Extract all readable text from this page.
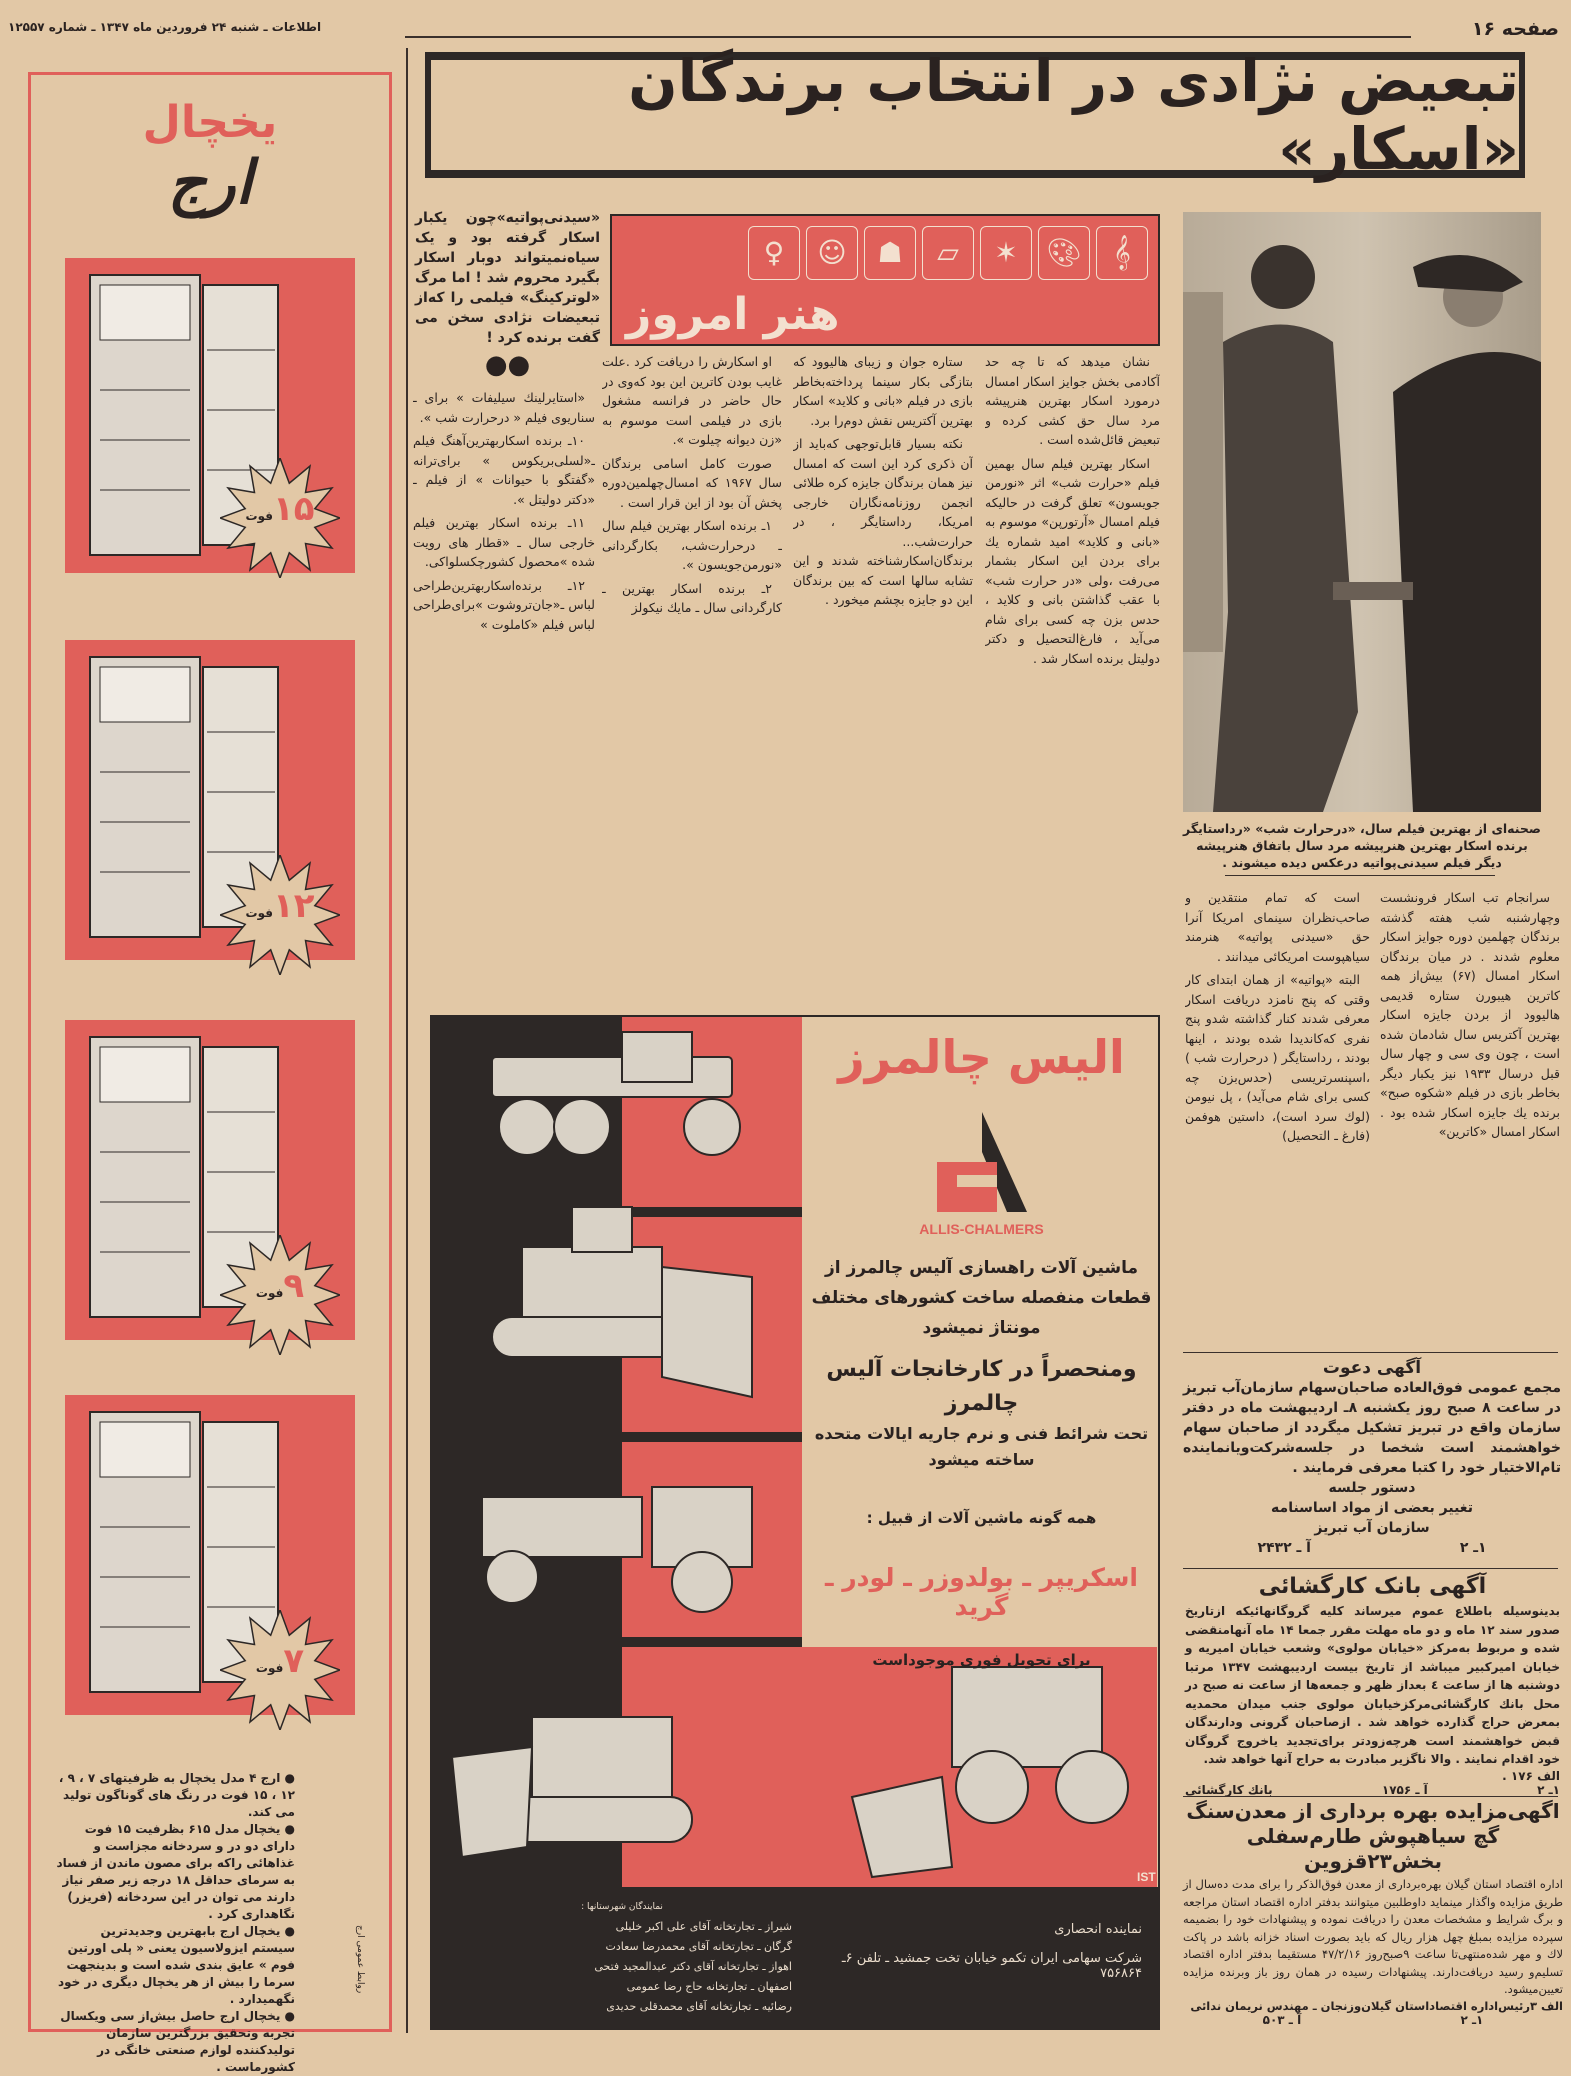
صفحه ۱۶
اطلاعات ـ شنبه ۲۴ فروردین ماه ۱۳۴۷ ـ شماره ۱۲۵۵۷
تبعیض نژادی در انتخاب برندگان «اسکار»
صحنه‌ای از بهترین فیلم سال، «درحرارت شب» «رداستایگر برنده اسکار بهترین هنرپیشه مرد سال باتفاق هنرپیشه دیگر فیلم سیدنی‌پواتیه درعکس دیده میشوند .
𝄞
🎨︎
✶
▱
☗
☺
♀
هنر امروز
«سیدنی‌پواتیه»چون یکبار اسکار گرفته بود و یک سیاه‌نمیتواند دوبار اسکار بگیرد محروم شد ! اما مرگ «لوترکینگ» فیلمی را که‌از تبعیضات نژادی سخن می گفت برنده کرد !
●●	نشان میدهد که تا چه حد آکادمی بخش جوایز اسکار امسال درمورد اسکار بهترین هنرپیشه مرد سال حق کشی کرده و تبعیض قائل‌شده است .

اسکار بهترین فیلم سال بهمین فیلم «حرارت شب» اثر «نورمن جویسون» تعلق گرفت در حالیکه فیلم امسال «آرتورپن» موسوم به «بانی و کلاید» امید شماره یك برای بردن این اسکار بشمار می‌رفت ،ولی «در حرارت شب» با عقب گذاشتن بانی و کلاید ، حدس بزن چه کسی برای شام می‌آید ، فارغ‌التحصیل‌ و دکتر دولیتل برنده اسکار شد .

ستاره جوان و زیبای هالیوود که بتازگی بکار سینما پرداخته‌بخاطر بازی در فیلم «بانی و کلاید» اسکار بهترین آکتریس نقش دوم‌را برد.

نکته بسیار قابل‌توجهی که‌باید از آن ذکری کرد این است که امسال نیز همان برندگان جایزه کره طلائی انجمن روزنامه‌نگاران خارجی امریکا، رداستایگر ، در حرارت‌شب... برندگان‌اسکارشناخته شدند و این تشابه سالها است که بین برندگان این دو جایزه بچشم میخورد .

او اسکارش را دریافت کرد .علت غایب بودن کاترین این بود که‌وی در حال حاضر در فرانسه مشغول بازی در فیلمی است موسوم به «زن دیوانه چیلوت ».

صورت کامل اسامی برندگان سال ۱۹۶۷ که امسال‌چهلمین‌دوره پخش آن بود از این قرار است .

۱ـ برنده اسکار بهترین فیلم سال ـ درحرارت‌شب، بکارگردانی «نورمن‌جویسون ».

۲ـ برنده اسکار بهترین ـ کارگردانی سال ـ مایك نیكولز

«استایرلینك سیلیفات » برای ـ سناریوی فیلم « درحرارت شب ».

۱۰ـ برنده اسکاربهترین‌آهنگ فیلم ـ«لسلی‌بریکوس » برای‌ترانه «گفتگو با حیوانات » از فیلم ـ «دکتر دولیتل ».

۱۱ـ برنده اسکار بهترین فیلم خارجی سال ـ «قطار های رویت شده »محصول کشورچکسلواکی.

۱۲ـ برنده‌اسکاربهترین‌طراحی لباس ـ«جان‌تروشوت »برای‌طراحی لباس فیلم «کاملوت »

سرانجام تب اسکار فرونشست وچهارشنبه شب هفته گذشته برندگان چهلمین دوره جوایز اسکار معلوم شدند . در میان برندگان اسکار امسال (۶۷) بیش‌از همه کاترین هیبورن ستاره قدیمی هالیوود از بردن جایزه اسکار بهترین آکتریس سال شادمان شده است ، چون وی سی و چهار سال قبل درسال ۱۹۳۳ نیز یکبار دیگر بخاطر بازی در فیلم «شکوه صبح» برنده یك جایزه اسکار شده بود . اسکار امسال «کاترین»

است که تمام منتقدین و صاحب‌نظران سینمای امریکا آنرا حق «سیدنی پواتیه» هنرمند سیاهپوست امریکائی میدانند .

البته «پواتیه» از همان ابتدای کار وقتی که پنج نامزد دریافت اسکار معرفی شدند کنار گذاشته شدو پنج نفری که‌کاندیدا شده بودند ، اینها بودند ، رداستایگر ( درحرارت شب ) ،اسپنسرتریسی (حدس‌بزن چه کسی برای شام می‌آید) ، پل نیومن (لوك سرد است)، داستین هوفمن (فارغ ـ التحصیل)

آگهی دعوت
مجمع عمومی فوق‌العاده صاحبان‌سهام سازمان‌آب تبریز در ساعت ۸ صبح روز یکشنبه ۸ـ اردیبهشت ماه در دفتر سازمان واقع در تبریز تشکیل میگردد از صاحبان سهام خواهشمند است شخصا در جلسه‌شرکت‌ویانماینده تام‌الاختیار خود را کتبا معرفی فرمایند .
دستور جلسه
تغییر بعضی از مواد اساسنامه
سازمان آب تبریز
۱ـ ۲
آ ـ ۲۴۳۲
آگهی بانک کارگشائی
بدینوسیله باطلاع عموم میرساند کلیه گروگانهائیکه ازتاریخ صدور سند ۱۲ ماه و دو ماه مهلت مقرر جمعا ۱۴ ماه آنهامنقضی شده و مربوط به‌مرکز «خیابان مولوی» وشعب خیابان امیریه و خیابان امیرکبیر میباشد از تاریخ بیست اردیبهشت ۱۳۴۷ مرتبا دوشنبه ها از ساعت ٤ بعداز ظهر و جمعه‌ها از ساعت نه صبح در محل بانك کارگشائی‌مرکزخیابان مولوی جنب میدان محمدیه بمعرض حراج گذارده خواهد شد . ازصاحبان گرونی ودارندگان قبض خواهشمند است هرچه‌زودتر برای‌تجدید یاخروج گروگان خود اقدام نمایند . والا ناگزیر مبادرت به حراج آنها خواهد شد.
الف ۱۷۶ .
۱ـ ۲
آ ـ ۱۷۵۶
بانك کارگشائی
اگهی‌مزایده بهره برداری از معدن‌سنگ گچ سیاهپوش طارم‌سفلی بخش۲۳قزوین
اداره اقتصاد استان گیلان بهره‌برداری از معدن فوق‌الذکر را برای مدت ده‌سال از طریق مزایده واگذار مینماید داوطلبین میتوانند بدفتر اداره اقتصاد استان مراجعه و برگ شرایط و مشخصات معدن را دریافت نموده و پیشنهادات خود را بضمیمه سپرده مزایده بمبلغ چهل هزار ریال که باید بصورت اسناد خزانه باشد در پاکت لاك و مهر شده‌منتهی‌تا ساعت ۹صبح‌روز ۴۷/۲/۱۶ مستقیما بدفتر اداره اقتصاد تسلیم‌و رسید دریافت‌دارند. پیشنهادات رسیده در همان روز باز وبرنده مزایده تعیین‌میشود.
الف ۳رئیس‌اداره اقتصاداستان گیلان‌وزنجان ـ مهندس نریمان ندائی
۱ـ ۲
آ ـ ۵۰۳
یخچال
ارج
۱۵فوت
۱۲فوت
۹فوت
۷فوت
● ارج ۴ مدل یخچال به ظرفیتهای ۷ ، ۹ ، ۱۲ ، ۱۵ فوت در رنگ های گوناگون تولید می کند.
● یخچال مدل ۶۱۵ بظرفیت ۱۵ فوت دارای دو در و سردخانه مجزاست و غذاهائی راکه برای مصون ماندن از فساد به سرمای حداقل ۱۸ درجه زیر صفر نیاز دارند می توان در این سردخانه (فریزر) نگاهداری کرد .
● یخچال ارج بابهترین وجدیدترین سیستم ایزولاسیون یعنی « پلی اورتین فوم » عایق بندی شده است و بدینجهت سرما را بیش از هر یخچال دیگری در خود نگهمیدارد .
● یخچال ارج حاصل بیش‌از سی ویکسال تجربه وتحقیق بزرگترین سازمان تولیدکننده لوازم صنعتی خانگی در کشورماست .
روابط عمومی ارج
IST
الیس چالمرز
ALLIS-CHALMERS
ماشین آلات راهسازی آلیس چالمرز از قطعات منفصله ساخت کشورهای مختلف مونتاژ نمیشود
ومنحصراً در کارخانجات آلیس چالمرز
تحت شرائط فنی و نرم جاریه ایالات متحده ساخته میشود
همه گونه ماشین آلات از قبیل :
اسکریپر ـ بولدوزر ـ لودر ـ گرید
برای تحویل فوری موجوداست
نمایندگان شهرستانها :
شیراز ـ تجارتخانه آقای علی اکبر خلیلی
گرگان ـ تجارتخانه آقای محمدرضا سعادت
اهواز ـ تجارتخانه آقای دکتر عبدالمجید فتحی
اصفهان ـ تجارتخانه حاج رضا عمومی
رضائیه ـ تجارتخانه آقای محمدقلی حدیدی
نماینده انحصاری
شرکت سهامی ایران تکمو خیابان تخت جمشید ـ تلفن ۶ـ ۷۵۶۸۶۴
